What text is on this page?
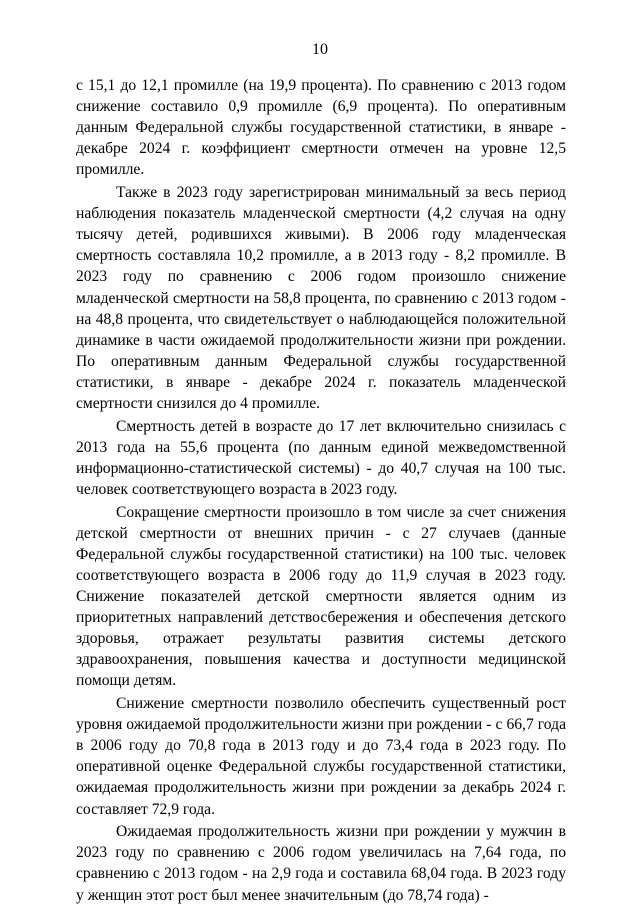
10

с 15,1 до 12,1 промилле (на 19,9 процента). По сравнению с 2013 годом снижение составило 0,9 промилле (6,9 процента). По оперативным данным Федеральной службы государственной статистики, в январе - декабре 2024 г. коэффициент смертности отмечен на уровне 12,5 промилле.

Также в 2023 году зарегистрирован минимальный за весь период наблюдения показатель младенческой смертности (4,2 случая на одну тысячу детей, родившихся живыми). В 2006 году младенческая смертность составляла 10,2 промилле, а в 2013 году - 8,2 промилле. В 2023 году по сравнению с 2006 годом произошло снижение младенческой смертности на 58,8 процента, по сравнению с 2013 годом - на 48,8 процента, что свидетельствует о наблюдающейся положительной динамике в части ожидаемой продолжительности жизни при рождении. По оперативным данным Федеральной службы государственной статистики, в январе - декабре 2024 г. показатель младенческой смертности снизился до 4 промилле.

Смертность детей в возрасте до 17 лет включительно снизилась с 2013 года на 55,6 процента (по данным единой межведомственной информационно-статистической системы) - до 40,7 случая на 100 тыс. человек соответствующего возраста в 2023 году.

Сокращение смертности произошло в том числе за счет снижения детской смертности от внешних причин - с 27 случаев (данные Федеральной службы государственной статистики) на 100 тыс. человек соответствующего возраста в 2006 году до 11,9 случая в 2023 году. Снижение показателей детской смертности является одним из приоритетных направлений детствосбережения и обеспечения детского здоровья, отражает результаты развития системы детского здравоохранения, повышения качества и доступности медицинской помощи детям.

Снижение смертности позволило обеспечить существенный рост уровня ожидаемой продолжительности жизни при рождении - с 66,7 года в 2006 году до 70,8 года в 2013 году и до 73,4 года в 2023 году. По оперативной оценке Федеральной службы государственной статистики, ожидаемая продолжительность жизни при рождении за декабрь 2024 г. составляет 72,9 года.

Ожидаемая продолжительность жизни при рождении у мужчин в 2023 году по сравнению с 2006 годом увеличилась на 7,64 года, по сравнению с 2013 годом - на 2,9 года и составила 68,04 года. В 2023 году у женщин этот рост был менее значительным (до 78,74 года) -
